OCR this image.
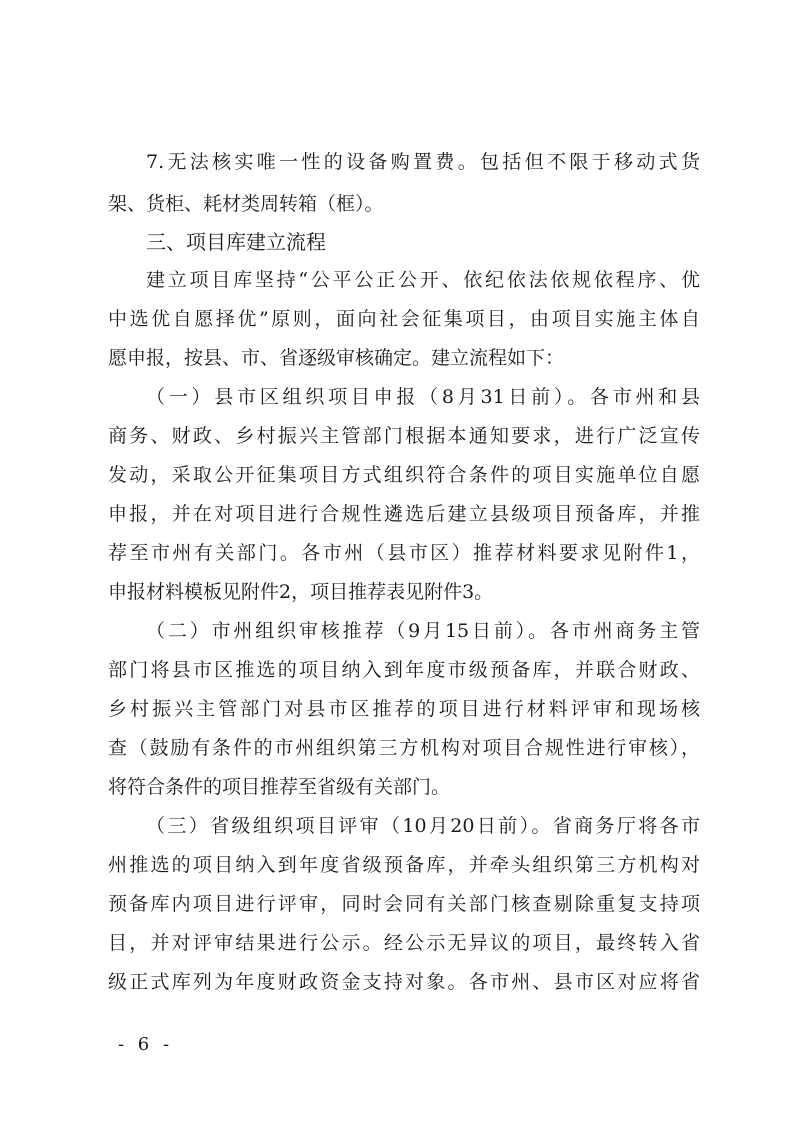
7.无法核实唯一性的设备购置费。包括但不限于移动式货
架、货柜、耗材类周转箱（框）。
三、项目库建立流程
建立项目库坚持“公平公正公开、依纪依法依规依程序、优
中选优自愿择优”原则，面向社会征集项目，由项目实施主体自
愿申报，按县、市、省逐级审核确定。建立流程如下：
（一）县市区组织项目申报（8月31日前）。各市州和县
商务、财政、乡村振兴主管部门根据本通知要求，进行广泛宣传
发动，采取公开征集项目方式组织符合条件的项目实施单位自愿
申报，并在对项目进行合规性遴选后建立县级项目预备库，并推
荐至市州有关部门。各市州（县市区）推荐材料要求见附件1，
申报材料模板见附件2，项目推荐表见附件3。
（二）市州组织审核推荐（9月15日前）。各市州商务主管
部门将县市区推选的项目纳入到年度市级预备库，并联合财政、
乡村振兴主管部门对县市区推荐的项目进行材料评审和现场核
查（鼓励有条件的市州组织第三方机构对项目合规性进行审核），
将符合条件的项目推荐至省级有关部门。
（三）省级组织项目评审（10月20日前）。省商务厅将各市
州推选的项目纳入到年度省级预备库，并牵头组织第三方机构对
预备库内项目进行评审，同时会同有关部门核查剔除重复支持项
目，并对评审结果进行公示。经公示无异议的项目，最终转入省
级正式库列为年度财政资金支持对象。各市州、县市区对应将省
- 6 -
